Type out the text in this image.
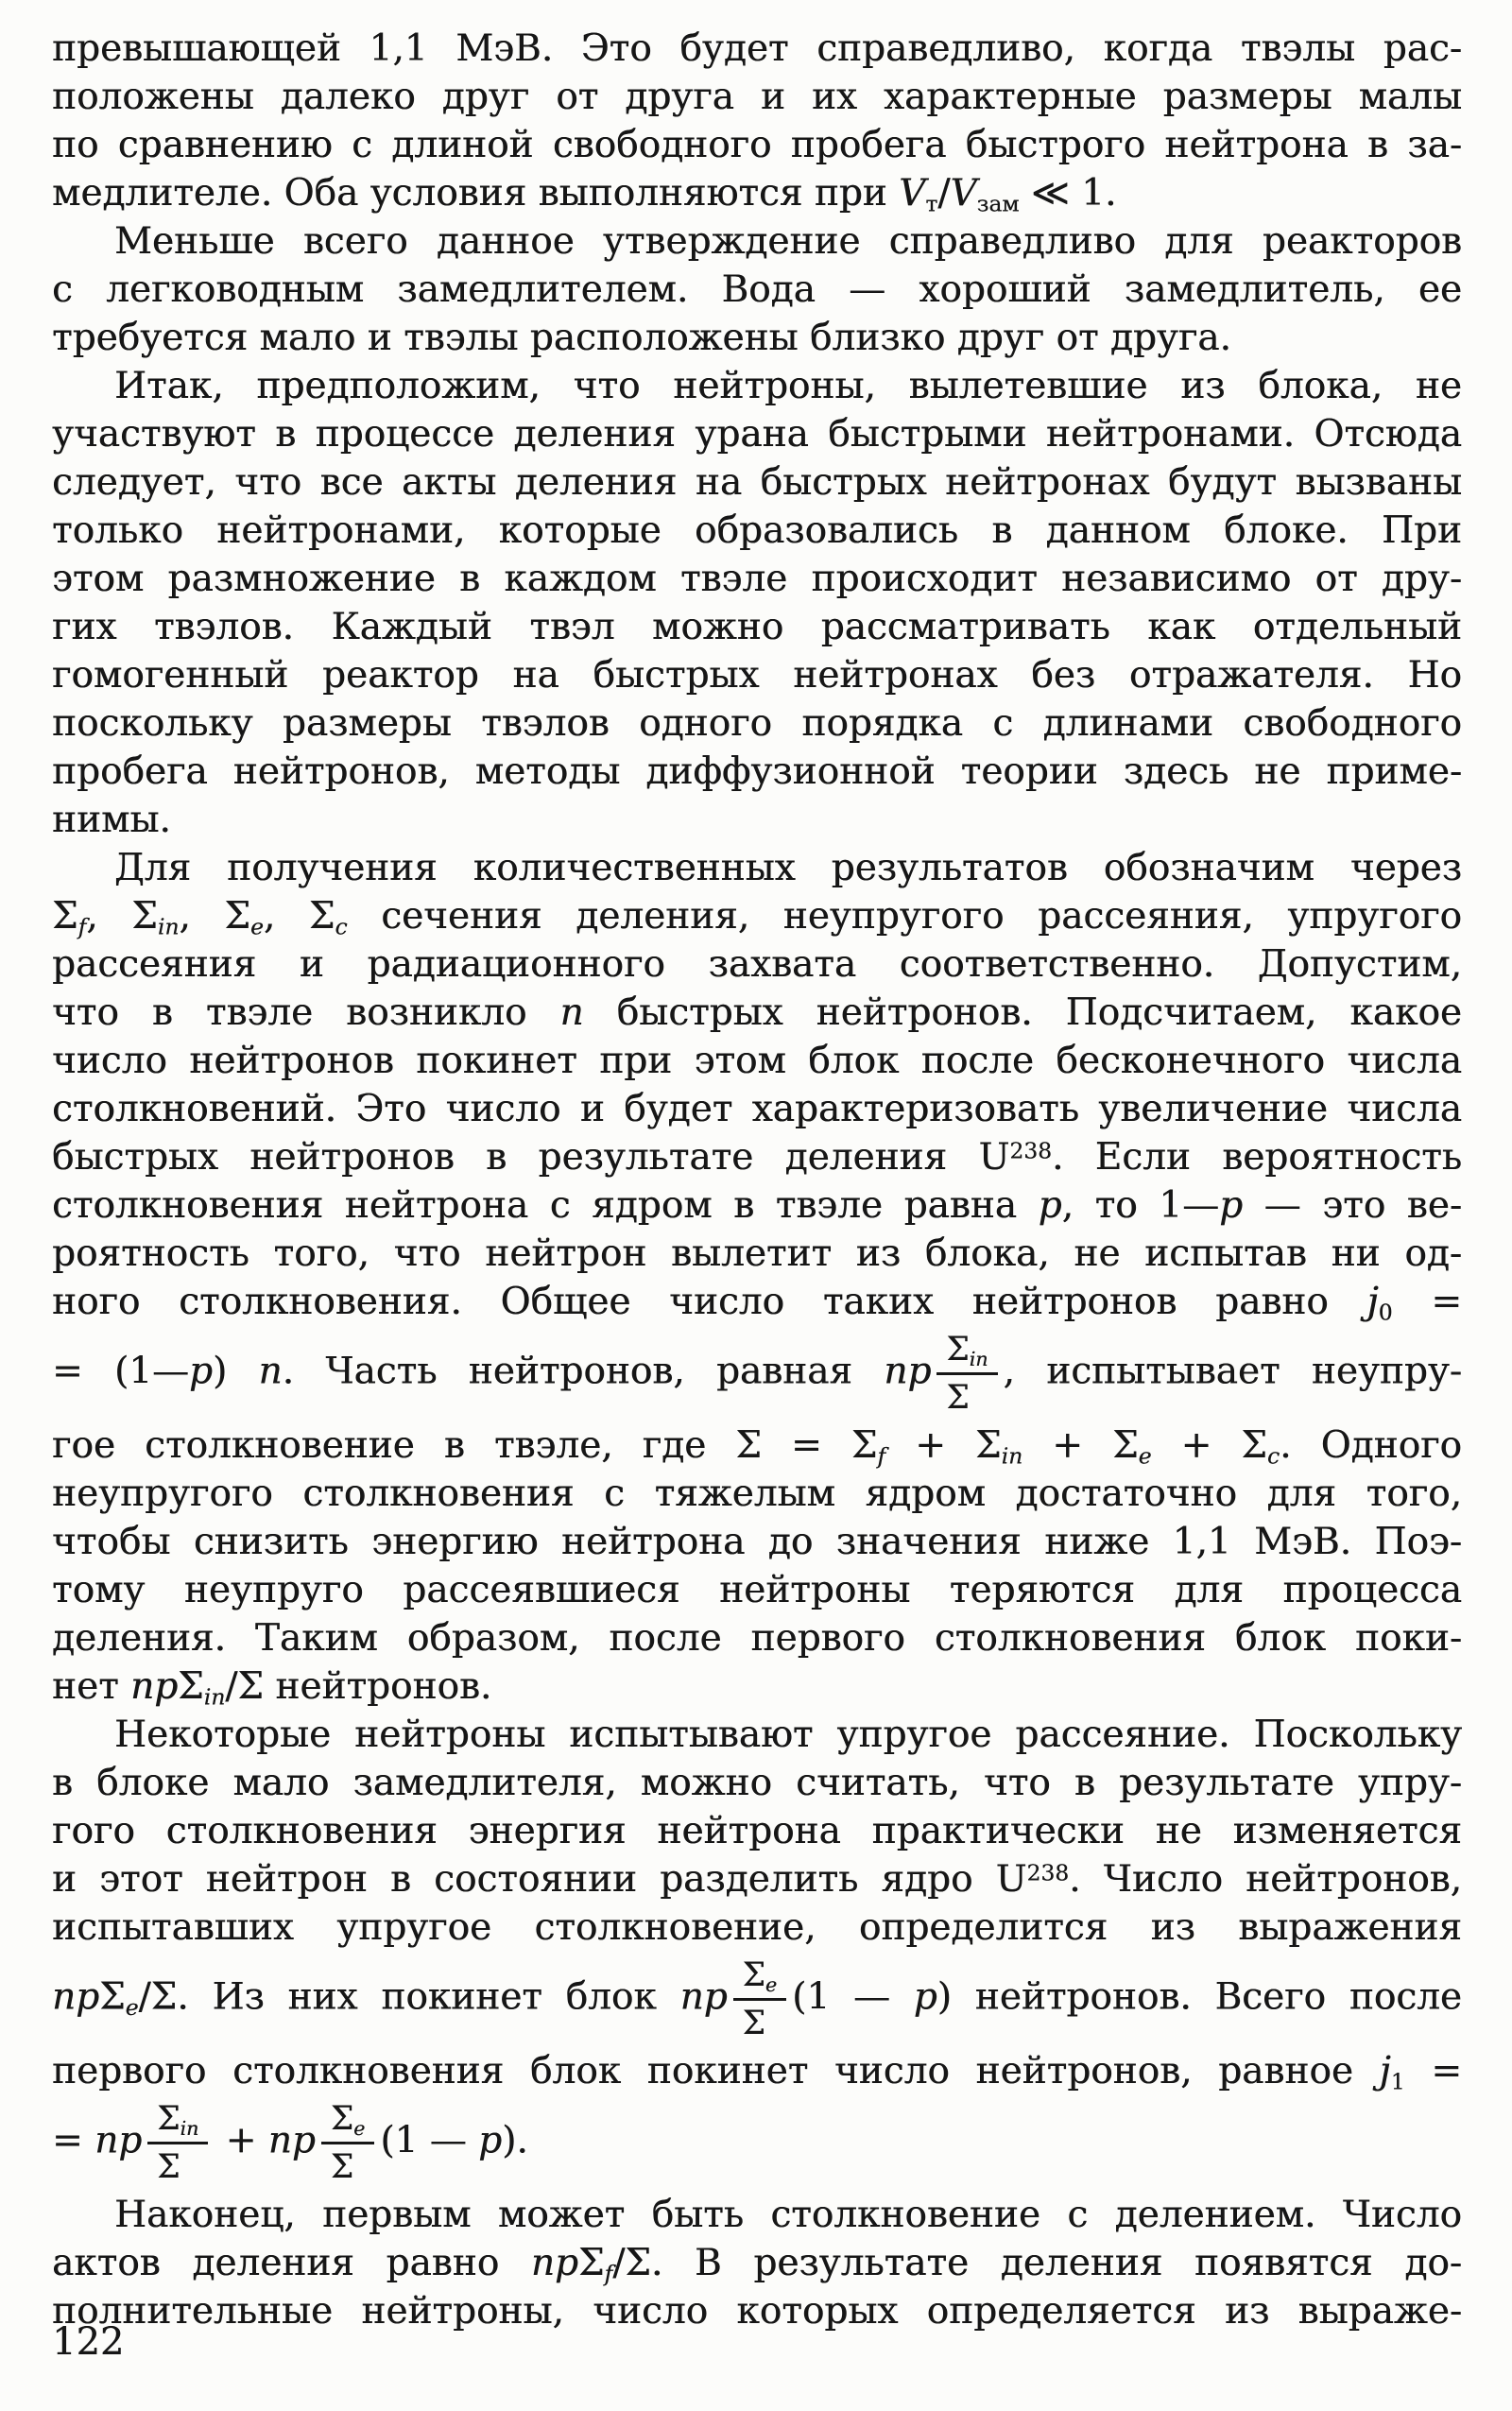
превышающей 1,1 МэВ. Это будет справедливо, когда твэлы рас-
положены далеко друг от друга и их характерные размеры малы
по сравнению с длиной свободного пробега быстрого нейтрона в за-
медлителе. Оба условия выполняются при $V_т/V_{зам}$ ≪ 1.
Меньше всего данное утверждение справедливо для реакторов
с легководным замедлителем. Вода — хороший замедлитель, ее
требуется мало и твэлы расположены близко друг от друга.
Итак, предположим, что нейтроны, вылетевшие из блока, не
участвуют в процессе деления урана быстрыми нейтронами. Отсюда
следует, что все акты деления на быстрых нейтронах будут вызваны
только нейтронами, которые образовались в данном блоке. При
этом размножение в каждом твэле происходит независимо от дру-
гих твэлов. Каждый твэл можно рассматривать как отдельный
гомогенный реактор на быстрых нейтронах без отражателя. Но
поскольку размеры твэлов одного порядка с длинами свободного
пробега нейтронов, методы диффузионной теории здесь не приме-
нимы.
Для получения количественных результатов обозначим через
$\Sigma_f$, $\Sigma_{in}$, $\Sigma_e$, $\Sigma_c$ сечения деления, неупругого рассеяния, упругого
рассеяния и радиационного захвата соответственно. Допустим,
что в твэле возникло n быстрых нейтронов. Подсчитаем, какое
число нейтронов покинет при этом блок после бесконечного числа
столкновений. Это число и будет характеризовать увеличение числа
быстрых нейтронов в результате деления $U^{238}$. Если вероятность
столкновения нейтрона с ядром в твэле равна p, то 1—p — это ве-
роятность того, что нейтрон вылетит из блока, не испытав ни од-
ного столкновения. Общее число таких нейтронов равно $j_0$ =
= (1—p) n. Часть нейтронов, равная np $\frac{\Sigma_{in}}{\Sigma}$ , испытывает неупру-
гое столкновение в твэле, где $\Sigma = \Sigma_f + \Sigma_{in} + \Sigma_e + \Sigma_c$. Одного
неупругого столкновения с тяжелым ядром достаточно для того,
чтобы снизить энергию нейтрона до значения ниже 1,1 МэВ. Поэ-
тому неупруго рассеявшиеся нейтроны теряются для процесса
деления. Таким образом, после первого столкновения блок поки-
нет npΣ$_{in}$/Σ нейтронов.
Некоторые нейтроны испытывают упругое рассеяние. Поскольку
в блоке мало замедлителя, можно считать, что в результате упру-
гого столкновения энергия нейтрона практически не изменяется
и этот нейтрон в состоянии разделить ядро $U^{238}$. Число нейтронов,
испытавших упругое столкновение, определится из выражения
npΣ$_e$/Σ. Из них покинет блок np $\frac{\Sigma_e}{\Sigma} (1$ — p) нейтронов. Всего после
первого столкновения блок покинет число нейтронов, равное $j_1$ =
= np $\frac{\Sigma_{in}}{\Sigma}$ + np $\frac{\Sigma_e}{\Sigma} (1$ — p).
Наконец, первым может быть столкновение с делением. Число
актов деления равно npΣ$_f$/Σ. В результате деления появятся до-
полнительные нейтроны, число которых определяется из выраже-
122
